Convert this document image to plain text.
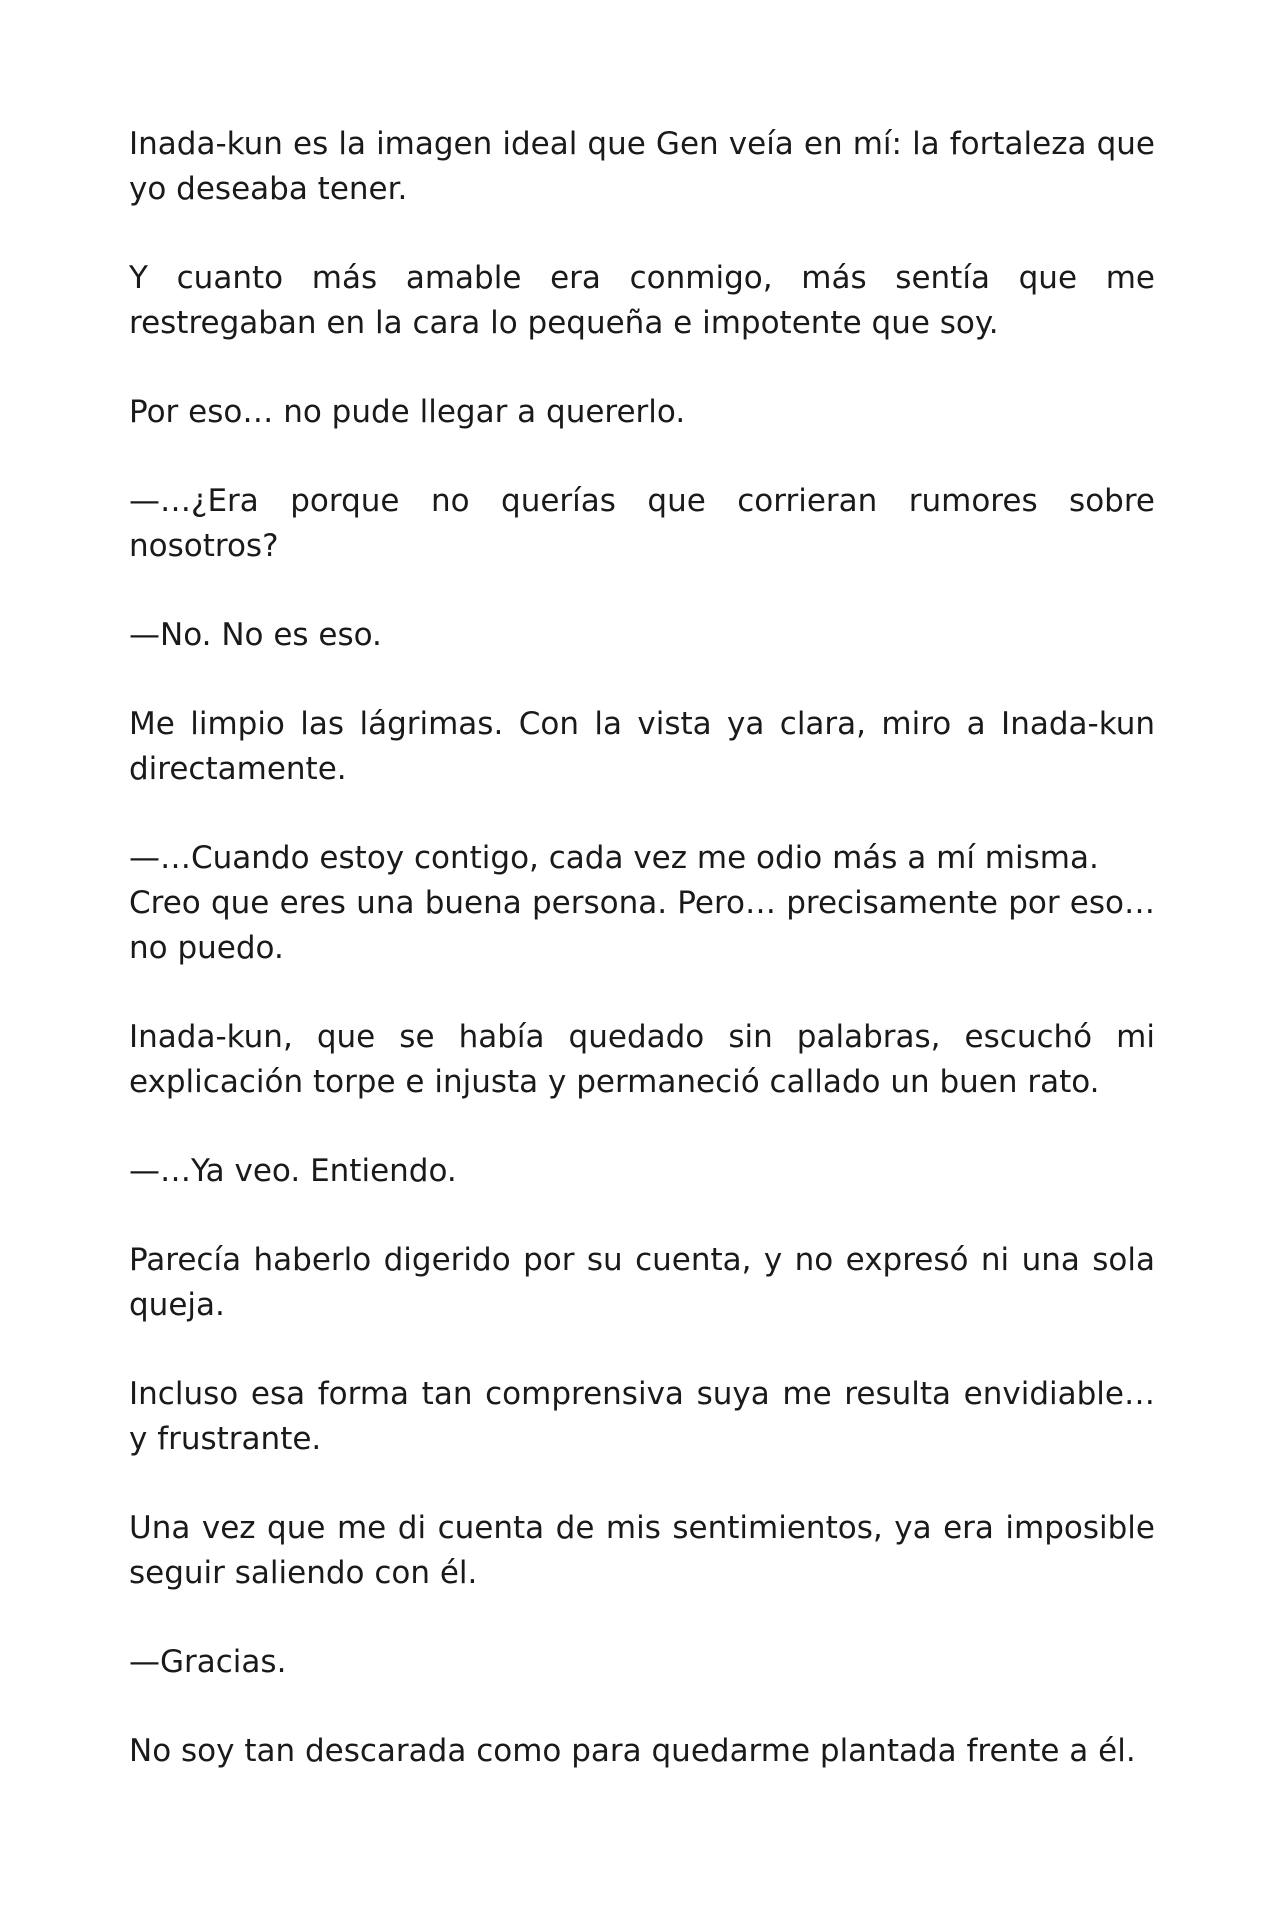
Inada-kun es la imagen ideal que Gen veía en mí: la fortaleza que yo deseaba tener.

Y cuanto más amable era conmigo, más sentía que me restregaban en la cara lo pequeña e impotente que soy.

Por eso… no pude llegar a quererlo.

—…¿Era porque no querías que corrieran rumores sobre nosotros?

—No. No es eso.

Me limpio las lágrimas. Con la vista ya clara, miro a Inada-kun directamente.

—…Cuando estoy contigo, cada vez me odio más a mí misma.
Creo que eres una buena persona. Pero… precisamente por eso… no puedo.

Inada-kun, que se había quedado sin palabras, escuchó mi explicación torpe e injusta y permaneció callado un buen rato.

—…Ya veo. Entiendo.

Parecía haberlo digerido por su cuenta, y no expresó ni una sola queja.

Incluso esa forma tan comprensiva suya me resulta envidiable… y frustrante.

Una vez que me di cuenta de mis sentimientos, ya era imposible seguir saliendo con él.

—Gracias.

No soy tan descarada como para quedarme plantada frente a él.
